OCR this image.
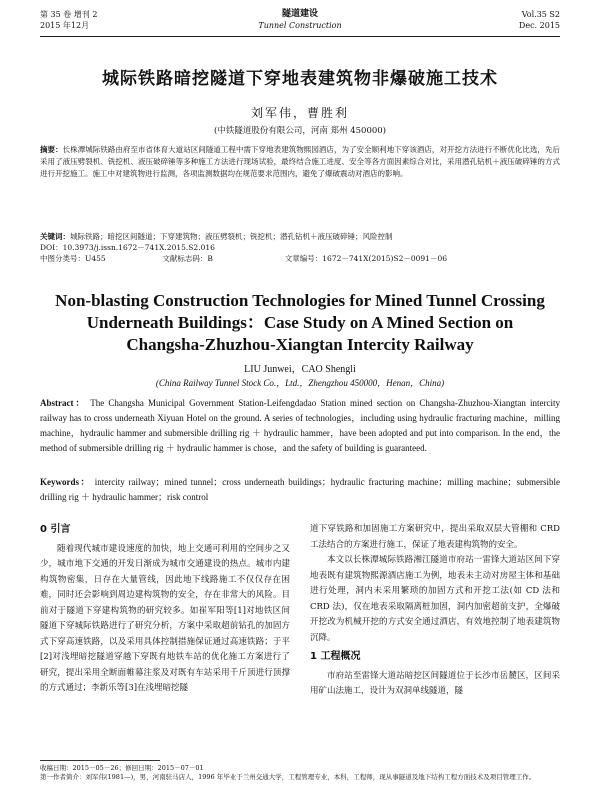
第 35 卷 增刊 2
2015 年12月
隧道建设
Tunnel Construction
Vol.35 S2
Dec. 2015
城际铁路暗挖隧道下穿地表建筑物非爆破施工技术
刘军伟，曹胜利
(中铁隧道股份有限公司，河南 郑州 450000)
摘要：长株潭城际铁路由府至市省体育大道站区间隧道工程中需下穿地表建筑物熙园酒店，为了安全顺利地下穿该酒店，对开挖方法进行不断优化比选，先后采用了液压劈裂机、铣挖机、液压破碎锤等多种施工方法进行现场试验，最终结合施工进度、安全等各方面因素综合对比，采用潜孔钻机＋液压破碎锤的方式进行开挖施工。施工中对建筑物进行监测，各项监测数据均在规范要求范围内，避免了爆破震动对酒店的影响。
关键词：城际铁路；暗挖区间隧道；下穿建筑物；液压劈裂机；铣挖机；潜孔钻机＋液压破碎锤；风险控制
DOI：10.3973/j.issn.1672－741X.2015.S2.016
中图分类号：U455	文献标志码：B	文章编号：1672－741X(2015)S2－0091－06
Non-blasting Construction Technologies for Mined Tunnel Crossing
Underneath Buildings：Case Study on A Mined Section on
Changsha-Zhuzhou-Xiangtan Intercity Railway
LIU Junwei，CAO Shengli
(China Railway Tunnel Stock Co.，Ltd.，Zhengzhou 450000，Henan，China)
Abstract： The Changsha Municipal Government Station-Leifengdadao Station mined section on Changsha-Zhuzhou-Xiangtan intercity railway has to cross underneath Xiyuan Hotel on the ground. A series of technologies，including using hydraulic fracturing machine，milling machine，hydraulic hammer and submersible drilling rig ＋ hydraulic hammer，have been adopted and put into comparison. In the end，the method of submersible drilling rig ＋ hydraulic hammer is chose，and the safety of building is guaranteed.
Keywords： intercity railway；mined tunnel；cross underneath buildings；hydraulic fracturing machine；milling machine；submersible drilling rig ＋ hydraulic hammer；risk control
0 引言

随着现代城市建设速度的加快，地上交通可利用的空间步之又少，城市地下交通的开发日渐成为城市交通建设的热点。城市内建构筑物密集，日存在大量管线，因此地下线路施工不仅仅存在困难，同时还会影响到周边建构筑物的安全，存在非常大的风险。目前对于隧道下穿建构筑物的研究较多。如崔军阳等[1]对地铁区间隧道下穿城际铁路进行了研究分析，方案中采取超前钻孔的加固方式下穿高速铁路，以及采用具体控制措施保证通过高速铁路；于平[2]对浅埋暗挖隧道穿越下穿既有地铁车站的优化施工方案进行了研究，提出采用全断面帷幕注浆及对既有车站采用千斤顶进行顶撑的方式通过；李新乐等[3]在浅埋暗挖隧

道下穿铁路和加固施工方案研究中，提出采取双层大管棚和 CRD 工法结合的方案进行施工，保证了地表建构筑物的安全。

本文以长株潭城际铁路湘江隧道市府站一雷锋大道站区间下穿地表既有建筑物熙源酒店施工为例，地表未主动对房屋主体和基础进行处理，洞内未采用繁琐的加固方式和开挖工法(如 CD 法和 CRD 法)，仅在地表采取隔离桩加固，洞内加密超前支护，全爆破开挖改为机械开挖的方式安全通过酒店，有效地控制了地表建筑物沉降。

1 工程概况

市府站至雷锋大道站暗挖区间隧道位于长沙市岳麓区，区间采用矿山法施工，设计为双洞单线隧道，隧

收稿日期：2015－05－26；修回日期：2015－07－01
第一作者简介：刘军伟(1981—)，男，河南驻马店人，1996 年毕业于兰州交通大学，工程管理专业，本科，工程师，现从事隧道及地下结构工程方面技术及项目管理工作。
